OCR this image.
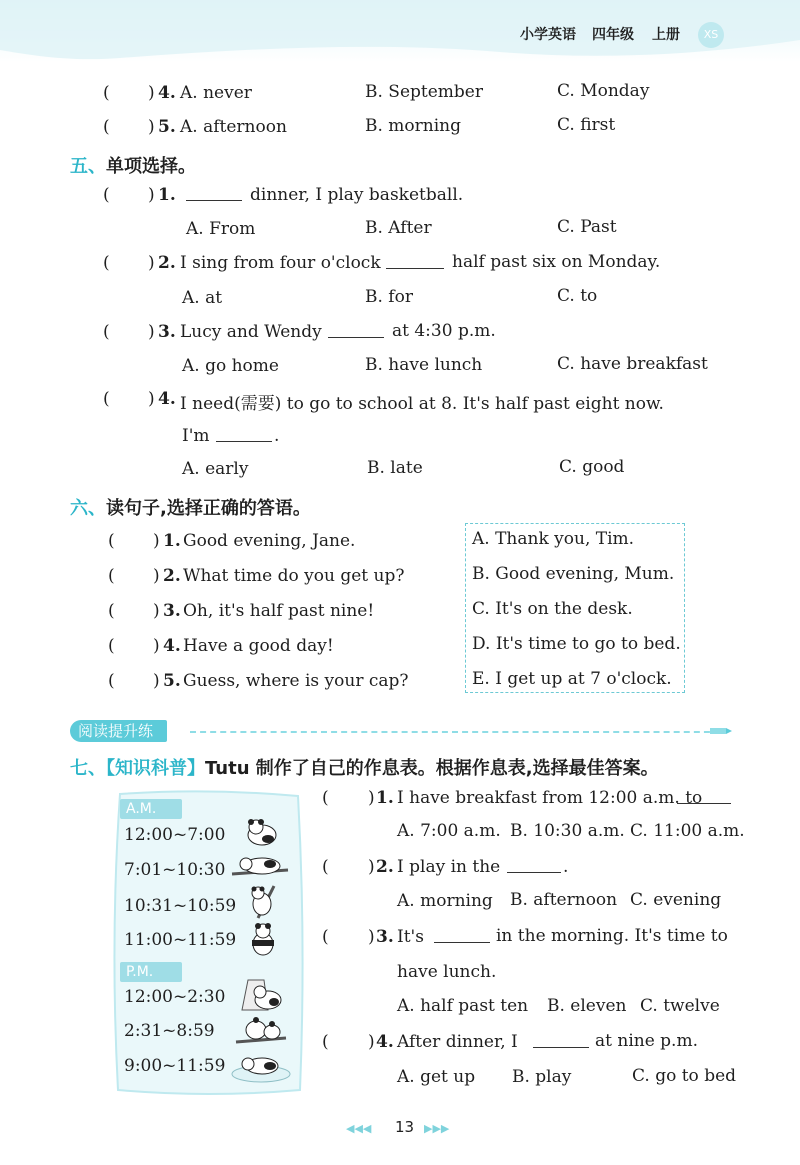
小学英语 四年级 上册	XS
( ) 4. A. never	B. September	C. Monday
( ) 5. A. afternoon	B. morning	C. first
五、单项选择。
( ) 1.	dinner, I play basketball.
A. From	B. After	C. Past
( ) 2. I sing from four o'clock	half past six on Monday.
A. at	B. for	C. to
( ) 3. Lucy and Wendy	at 4:30 p.m.
A. go home	B. have lunch	C. have breakfast
( ) 4. I need(需要) to go to school at 8. It's half past eight now.
I'm	.
A. early	B. late	C. good
六、读句子,选择正确的答语。
( ) 1. Good evening, Jane.
( ) 2. What time do you get up?
( ) 3. Oh, it's half past nine!
( ) 4. Have a good day!
( ) 5. Guess, where is your cap?
A. Thank you, Tim.
B. Good evening, Mum.
C. It's on the desk.
D. It's time to go to bed.
E. I get up at 7 o'clock.
阅读提升练
七、【知识科普】Tutu 制作了自己的作息表。根据作息表,选择最佳答案。
A.M.
12:00~7:00
7:01~10:30
10:31~10:59
11:00~11:59
P.M.
12:00~2:30
2:31~8:59
9:00~11:59
( ) 1. I have breakfast from 12:00 a.m. to
A. 7:00 a.m. B. 10:30 a.m. C. 11:00 a.m.
( ) 2. I play in the	.
A. morning B. afternoon C. evening
( ) 3. It's	in the morning. It's time to
have lunch.
A. half past ten B. eleven C. twelve
( ) 4. After dinner, I	at nine p.m.
A. get up B. play	C. go to bed
◀◀◀ 13 ▶▶▶
